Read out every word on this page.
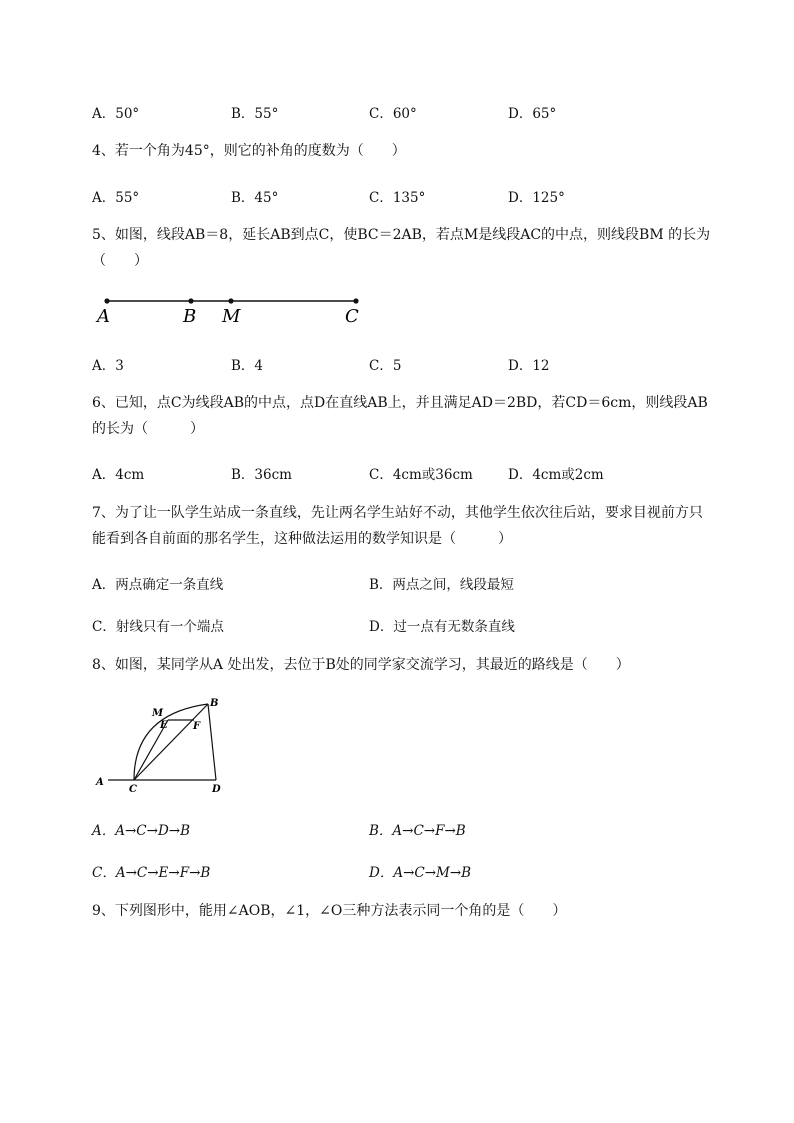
A．50°	B．55°	C．60°	D．65°
4、若一个角为45°，则它的补角的度数为（　　）
A．55°	B．45°	C．135°	D．125°
5、如图，线段AB＝8，延长AB到点C，使BC＝2AB，若点M是线段AC的中点，则线段BM 的长为
（　　）
A	B M	C
A．3	B．4	C．5	D．12
6、已知，点C为线段AB的中点，点D在直线AB上，并且满足AD＝2BD，若CD＝6cm，则线段AB
的长为（　　　）
A．4cm	B．36cm	C．4cm或36cm	D．4cm或2cm
7、为了让一队学生站成一条直线，先让两名学生站好不动，其他学生依次往后站，要求目视前方只
能看到各自前面的那名学生，这种做法运用的数学知识是（　　　）
A．两点确定一条直线	B．两点之间，线段最短
C．射线只有一个端点	D．过一点有无数条直线
8、如图，某同学从A 处出发，去位于B处的同学家交流学习，其最近的路线是（　　）
A
C	D
B
M
E	F
A．A→C→D→B	B．A→C→F→B
C．A→C→E→F→B	D．A→C→M→B
9、下列图形中，能用∠AOB，∠1，∠O三种方法表示同一个角的是（　　）
